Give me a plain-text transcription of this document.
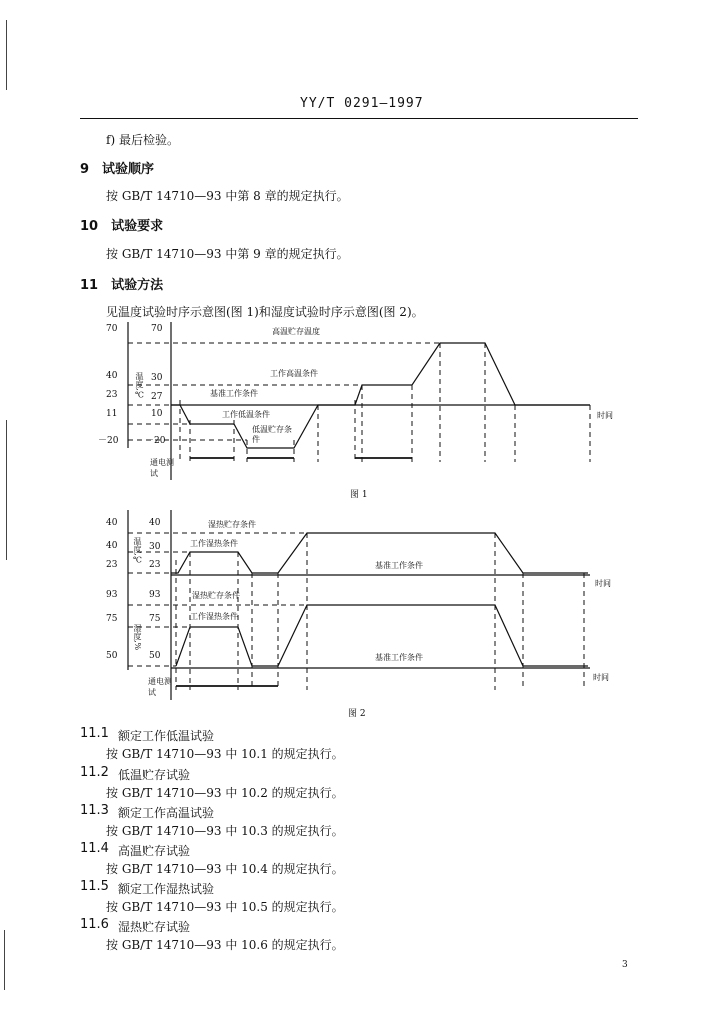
YY/T 0291—1997
f) 最后检验。
9　试验顺序
按 GB/T 14710—93 中第 8 章的规定执行。
10　试验要求
按 GB/T 14710—93 中第 9 章的规定执行。
11　试验方法
见温度试验时序示意图(图 1)和湿度试验时序示意图(图 2)。
70
40
23
11
－20
70
30
27
10
－20
温度,℃
高温贮存温度
工作高温条件
基准工作条件
工作低温条件
低温贮存条件
时间
通电测试
图 1
40
40
23
40
30
23
温度,℃
93
75
50
93
75
50
湿度,%
湿热贮存条件
工作湿热条件
基准工作条件
时间
湿热贮存条件
工作湿热条件
基准工作条件
时间
通电测试
图 2
11.1 额定工作低温试验
按 GB/T 14710—93 中 10.1 的规定执行。
11.2 低温贮存试验
按 GB/T 14710—93 中 10.2 的规定执行。
11.3 额定工作高温试验
按 GB/T 14710—93 中 10.3 的规定执行。
11.4 高温贮存试验
按 GB/T 14710—93 中 10.4 的规定执行。
11.5 额定工作湿热试验
按 GB/T 14710—93 中 10.5 的规定执行。
11.6 湿热贮存试验
按 GB/T 14710—93 中 10.6 的规定执行。
3
